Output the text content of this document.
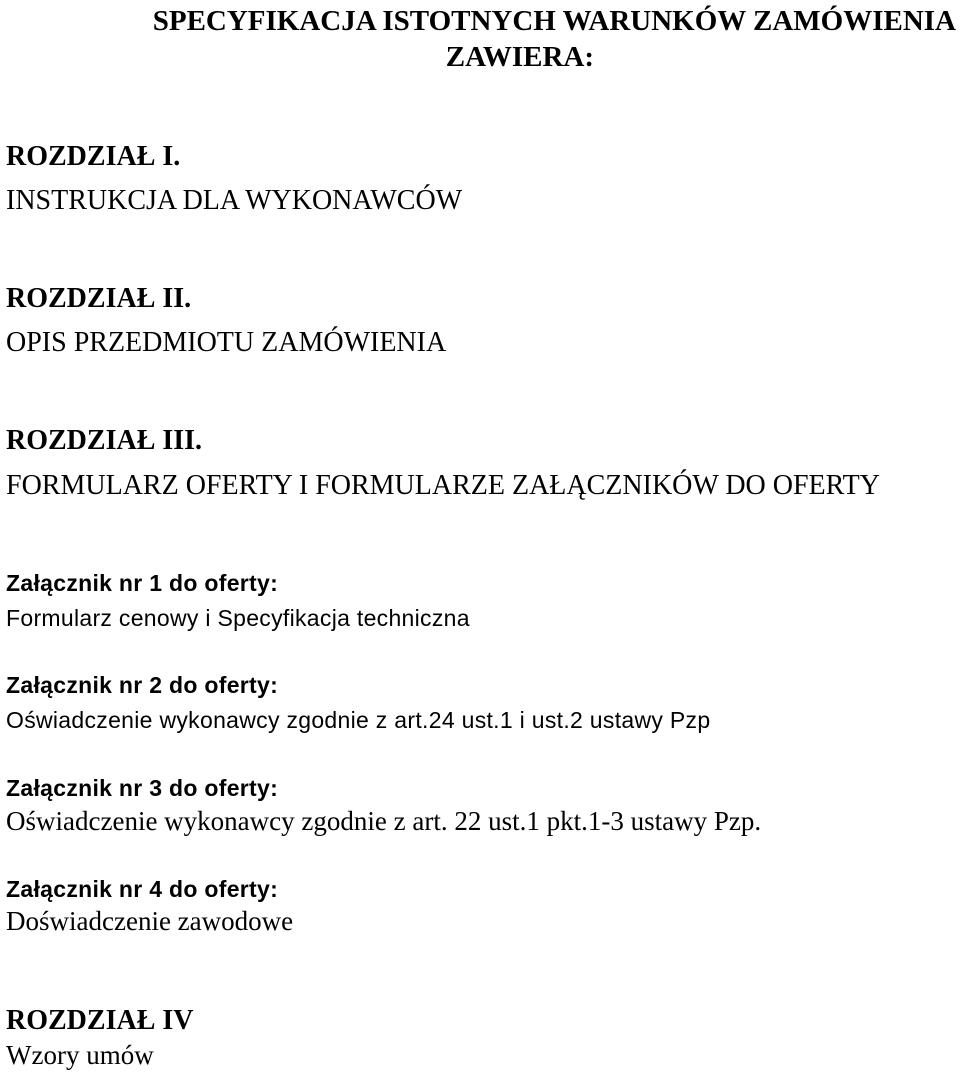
SPECYFIKACJA ISTOTNYCH WARUNKÓW ZAMÓWIENIA

ZAWIERA:

ROZDZIAŁ I.

INSTRUKCJA DLA WYKONAWCÓW

ROZDZIAŁ II.

OPIS PRZEDMIOTU ZAMÓWIENIA

ROZDZIAŁ III.

FORMULARZ OFERTY I FORMULARZE ZAŁĄCZNIKÓW DO OFERTY

Załącznik nr 1 do oferty:

Formularz cenowy i Specyfikacja techniczna

Załącznik nr 2 do oferty:

Oświadczenie wykonawcy zgodnie z art.24 ust.1 i ust.2 ustawy Pzp

Załącznik nr 3 do oferty:

Oświadczenie wykonawcy zgodnie z art. 22 ust.1 pkt.1-3 ustawy Pzp.

Załącznik nr 4 do oferty:

Doświadczenie zawodowe

ROZDZIAŁ IV

Wzory umów
